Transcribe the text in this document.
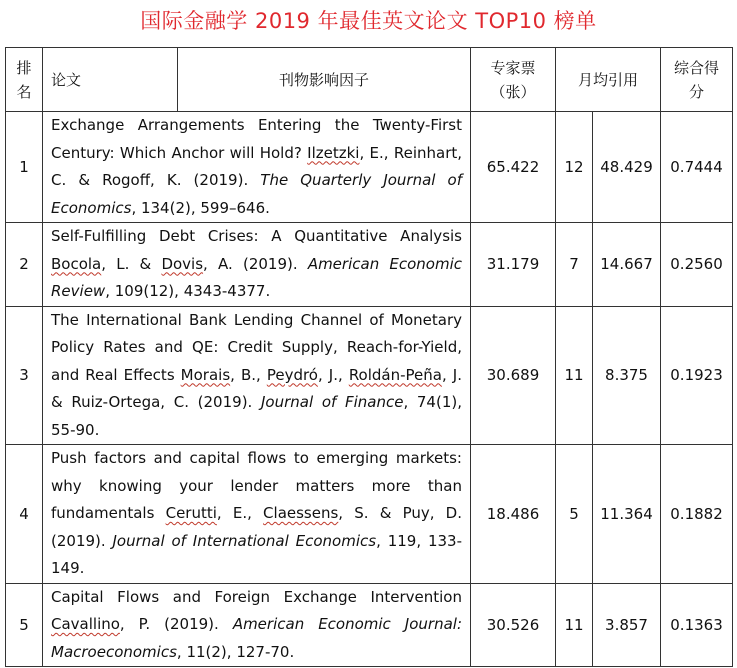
国际金融学 2019 年最佳英文论文 TOP10 榜单
排名	论文	刊物影响因子	专家票（张）	月均引用		综合得分
1	Exchange Arrangements Entering the Twenty-First Century: Which Anchor will Hold? Ilzetzki, E., Reinhart, C. & Rogoff, K. (2019). The Quarterly Journal of Economics, 134(2), 599–646.		65.422	12	48.429	0.7444
2	Self-Fulfilling Debt Crises: A Quantitative Analysis Bocola, L. & Dovis, A. (2019). American Economic Review, 109(12), 4343-4377.		31.179	7	14.667	0.2560
3	The International Bank Lending Channel of Monetary Policy Rates and QE: Credit Supply, Reach-for-Yield, and Real Effects Morais, B., Peydró, J., Roldán-Peña, J. & Ruiz-Ortega, C. (2019). Journal of Finance, 74(1), 55-90.		30.689	11	8.375	0.1923
4	Push factors and capital flows to emerging markets: why knowing your lender matters more than fundamentals Cerutti, E., Claessens, S. & Puy, D. (2019). Journal of International Economics, 119, 133-149.		18.486	5	11.364	0.1882
5	Capital Flows and Foreign Exchange Intervention Cavallino, P. (2019). American Economic Journal: Macroeconomics, 11(2), 127-70.		30.526	11	3.857	0.1363
